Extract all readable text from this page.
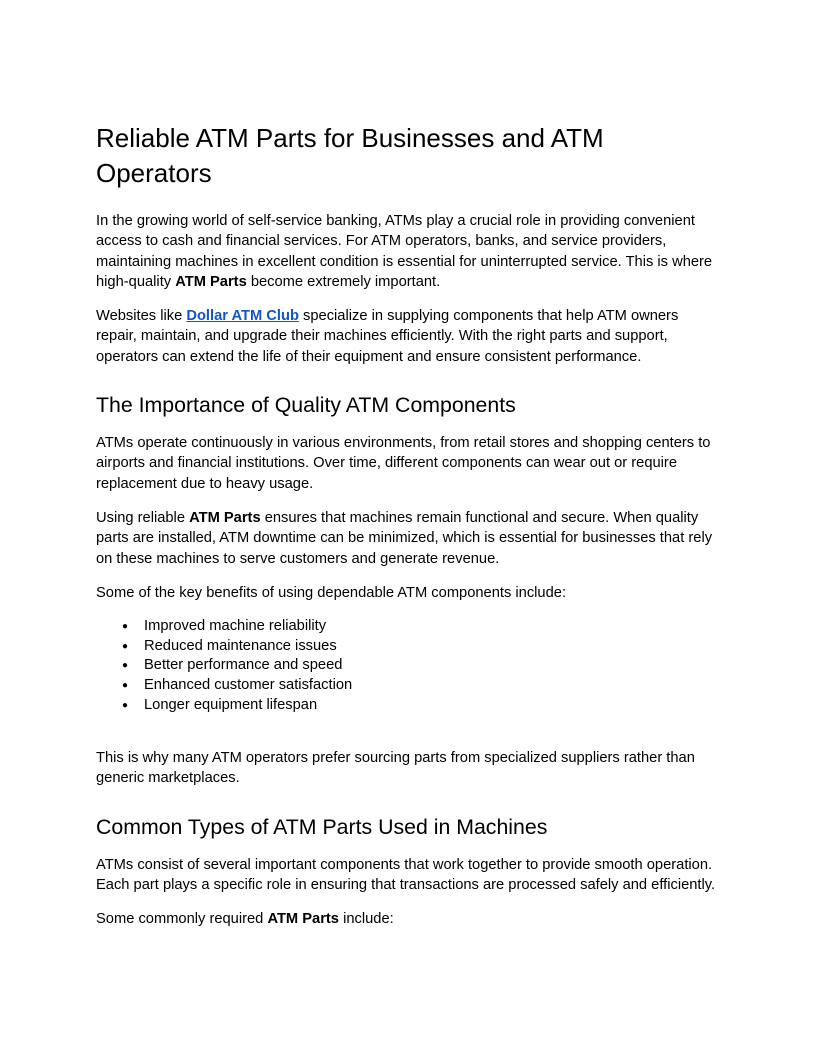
Reliable ATM Parts for Businesses and ATM Operators

In the growing world of self-service banking, ATMs play a crucial role in providing convenient access to cash and financial services. For ATM operators, banks, and service providers, maintaining machines in excellent condition is essential for uninterrupted service. This is where high-quality ATM Parts become extremely important.

Websites like Dollar ATM Club specialize in supplying components that help ATM owners repair, maintain, and upgrade their machines efficiently. With the right parts and support, operators can extend the life of their equipment and ensure consistent performance.

The Importance of Quality ATM Components

ATMs operate continuously in various environments, from retail stores and shopping centers to airports and financial institutions. Over time, different components can wear out or require replacement due to heavy usage.

Using reliable ATM Parts ensures that machines remain functional and secure. When quality parts are installed, ATM downtime can be minimized, which is essential for businesses that rely on these machines to serve customers and generate revenue.

Some of the key benefits of using dependable ATM components include:

● Improved machine reliability
● Reduced maintenance issues
● Better performance and speed
● Enhanced customer satisfaction
● Longer equipment lifespan

This is why many ATM operators prefer sourcing parts from specialized suppliers rather than generic marketplaces.

Common Types of ATM Parts Used in Machines

ATMs consist of several important components that work together to provide smooth operation. Each part plays a specific role in ensuring that transactions are processed safely and efficiently.

Some commonly required ATM Parts include:
